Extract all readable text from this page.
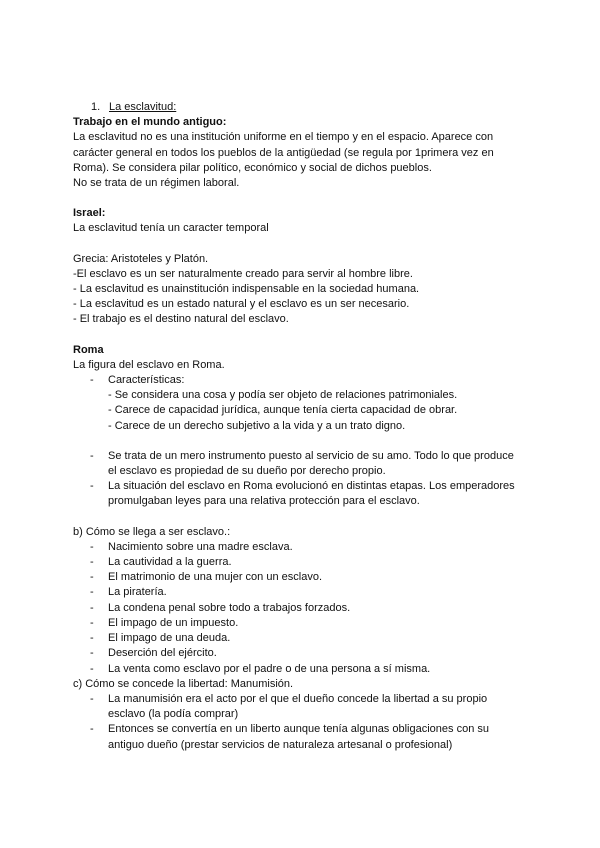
1. La esclavitud:
Trabajo en el mundo antiguo:
La esclavitud no es una institución uniforme en el tiempo y en el espacio. Aparece con
carácter general en todos los pueblos de la antigüedad (se regula por 1primera vez en
Roma). Se considera pilar político, económico y social de dichos pueblos.
No se trata de un régimen laboral.
Israel:
La esclavitud tenía un caracter temporal
Grecia: Aristoteles y Platón.
-El esclavo es un ser naturalmente creado para servir al hombre libre.
- La esclavitud es unainstitución indispensable en la sociedad humana.
- La esclavitud es un estado natural y el esclavo es un ser necesario.
- El trabajo es el destino natural del esclavo.
Roma
La figura del esclavo en Roma.
- Características:
- Se considera una cosa y podía ser objeto de relaciones patrimoniales.
- Carece de capacidad jurídica, aunque tenía cierta capacidad de obrar.
- Carece de un derecho subjetivo a la vida y a un trato digno.
- Se trata de un mero instrumento puesto al servicio de su amo. Todo lo que produce
el esclavo es propiedad de su dueño por derecho propio.
- La situación del esclavo en Roma evolucionó en distintas etapas. Los emperadores
promulgaban leyes para una relativa protección para el esclavo.
b) Cómo se llega a ser esclavo.:
- Nacimiento sobre una madre esclava.
- La cautividad a la guerra.
- El matrimonio de una mujer con un esclavo.
- La piratería.
- La condena penal sobre todo a trabajos forzados.
- El impago de un impuesto.
- El impago de una deuda.
- Deserción del ejército.
- La venta como esclavo por el padre o de una persona a sí misma.
c) Cómo se concede la libertad: Manumisión.
- La manumisión era el acto por el que el dueño concede la libertad a su propio
esclavo (la podía comprar)
- Entonces se convertía en un liberto aunque tenía algunas obligaciones con su
antiguo dueño (prestar servicios de naturaleza artesanal o profesional)
